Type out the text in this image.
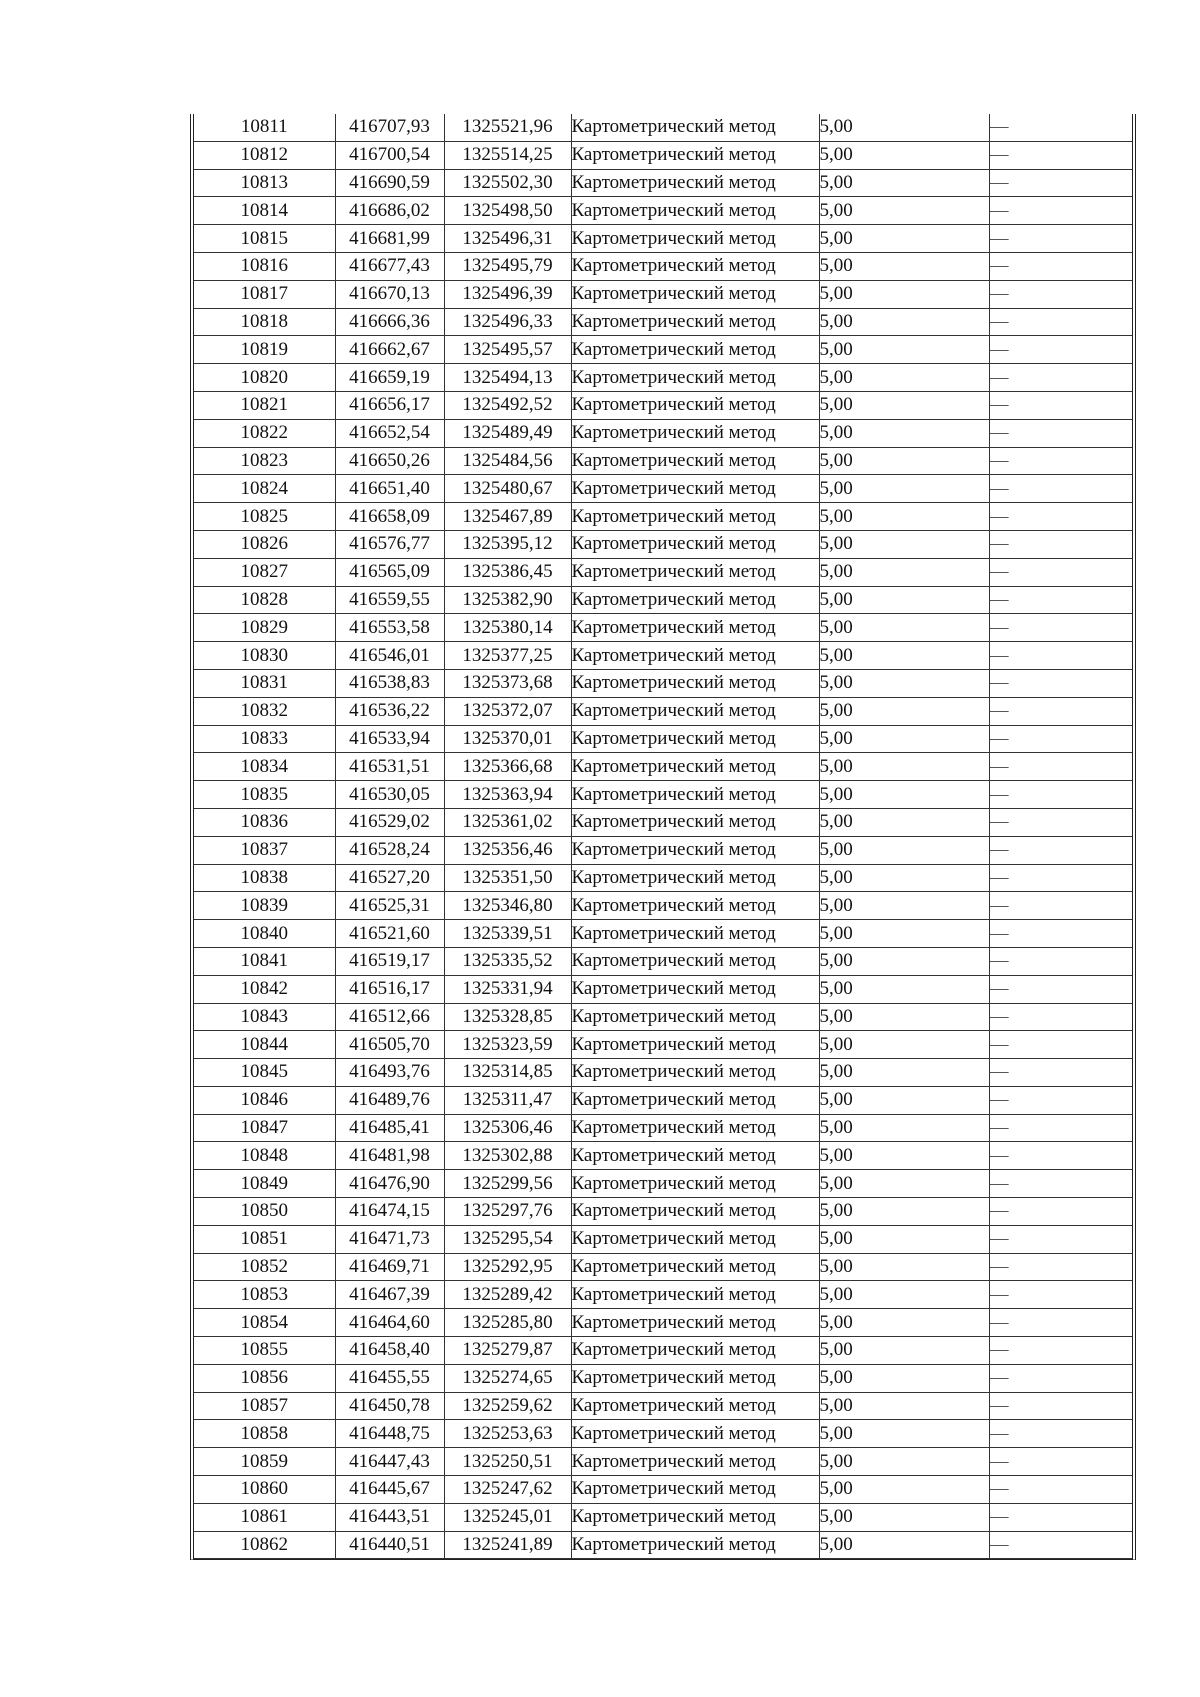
10811	416707,93	1325521,96	Картометрический метод	5,00	—
10812	416700,54	1325514,25	Картометрический метод	5,00	—
10813	416690,59	1325502,30	Картометрический метод	5,00	—
10814	416686,02	1325498,50	Картометрический метод	5,00	—
10815	416681,99	1325496,31	Картометрический метод	5,00	—
10816	416677,43	1325495,79	Картометрический метод	5,00	—
10817	416670,13	1325496,39	Картометрический метод	5,00	—
10818	416666,36	1325496,33	Картометрический метод	5,00	—
10819	416662,67	1325495,57	Картометрический метод	5,00	—
10820	416659,19	1325494,13	Картометрический метод	5,00	—
10821	416656,17	1325492,52	Картометрический метод	5,00	—
10822	416652,54	1325489,49	Картометрический метод	5,00	—
10823	416650,26	1325484,56	Картометрический метод	5,00	—
10824	416651,40	1325480,67	Картометрический метод	5,00	—
10825	416658,09	1325467,89	Картометрический метод	5,00	—
10826	416576,77	1325395,12	Картометрический метод	5,00	—
10827	416565,09	1325386,45	Картометрический метод	5,00	—
10828	416559,55	1325382,90	Картометрический метод	5,00	—
10829	416553,58	1325380,14	Картометрический метод	5,00	—
10830	416546,01	1325377,25	Картометрический метод	5,00	—
10831	416538,83	1325373,68	Картометрический метод	5,00	—
10832	416536,22	1325372,07	Картометрический метод	5,00	—
10833	416533,94	1325370,01	Картометрический метод	5,00	—
10834	416531,51	1325366,68	Картометрический метод	5,00	—
10835	416530,05	1325363,94	Картометрический метод	5,00	—
10836	416529,02	1325361,02	Картометрический метод	5,00	—
10837	416528,24	1325356,46	Картометрический метод	5,00	—
10838	416527,20	1325351,50	Картометрический метод	5,00	—
10839	416525,31	1325346,80	Картометрический метод	5,00	—
10840	416521,60	1325339,51	Картометрический метод	5,00	—
10841	416519,17	1325335,52	Картометрический метод	5,00	—
10842	416516,17	1325331,94	Картометрический метод	5,00	—
10843	416512,66	1325328,85	Картометрический метод	5,00	—
10844	416505,70	1325323,59	Картометрический метод	5,00	—
10845	416493,76	1325314,85	Картометрический метод	5,00	—
10846	416489,76	1325311,47	Картометрический метод	5,00	—
10847	416485,41	1325306,46	Картометрический метод	5,00	—
10848	416481,98	1325302,88	Картометрический метод	5,00	—
10849	416476,90	1325299,56	Картометрический метод	5,00	—
10850	416474,15	1325297,76	Картометрический метод	5,00	—
10851	416471,73	1325295,54	Картометрический метод	5,00	—
10852	416469,71	1325292,95	Картометрический метод	5,00	—
10853	416467,39	1325289,42	Картометрический метод	5,00	—
10854	416464,60	1325285,80	Картометрический метод	5,00	—
10855	416458,40	1325279,87	Картометрический метод	5,00	—
10856	416455,55	1325274,65	Картометрический метод	5,00	—
10857	416450,78	1325259,62	Картометрический метод	5,00	—
10858	416448,75	1325253,63	Картометрический метод	5,00	—
10859	416447,43	1325250,51	Картометрический метод	5,00	—
10860	416445,67	1325247,62	Картометрический метод	5,00	—
10861	416443,51	1325245,01	Картометрический метод	5,00	—
10862	416440,51	1325241,89	Картометрический метод	5,00	—
